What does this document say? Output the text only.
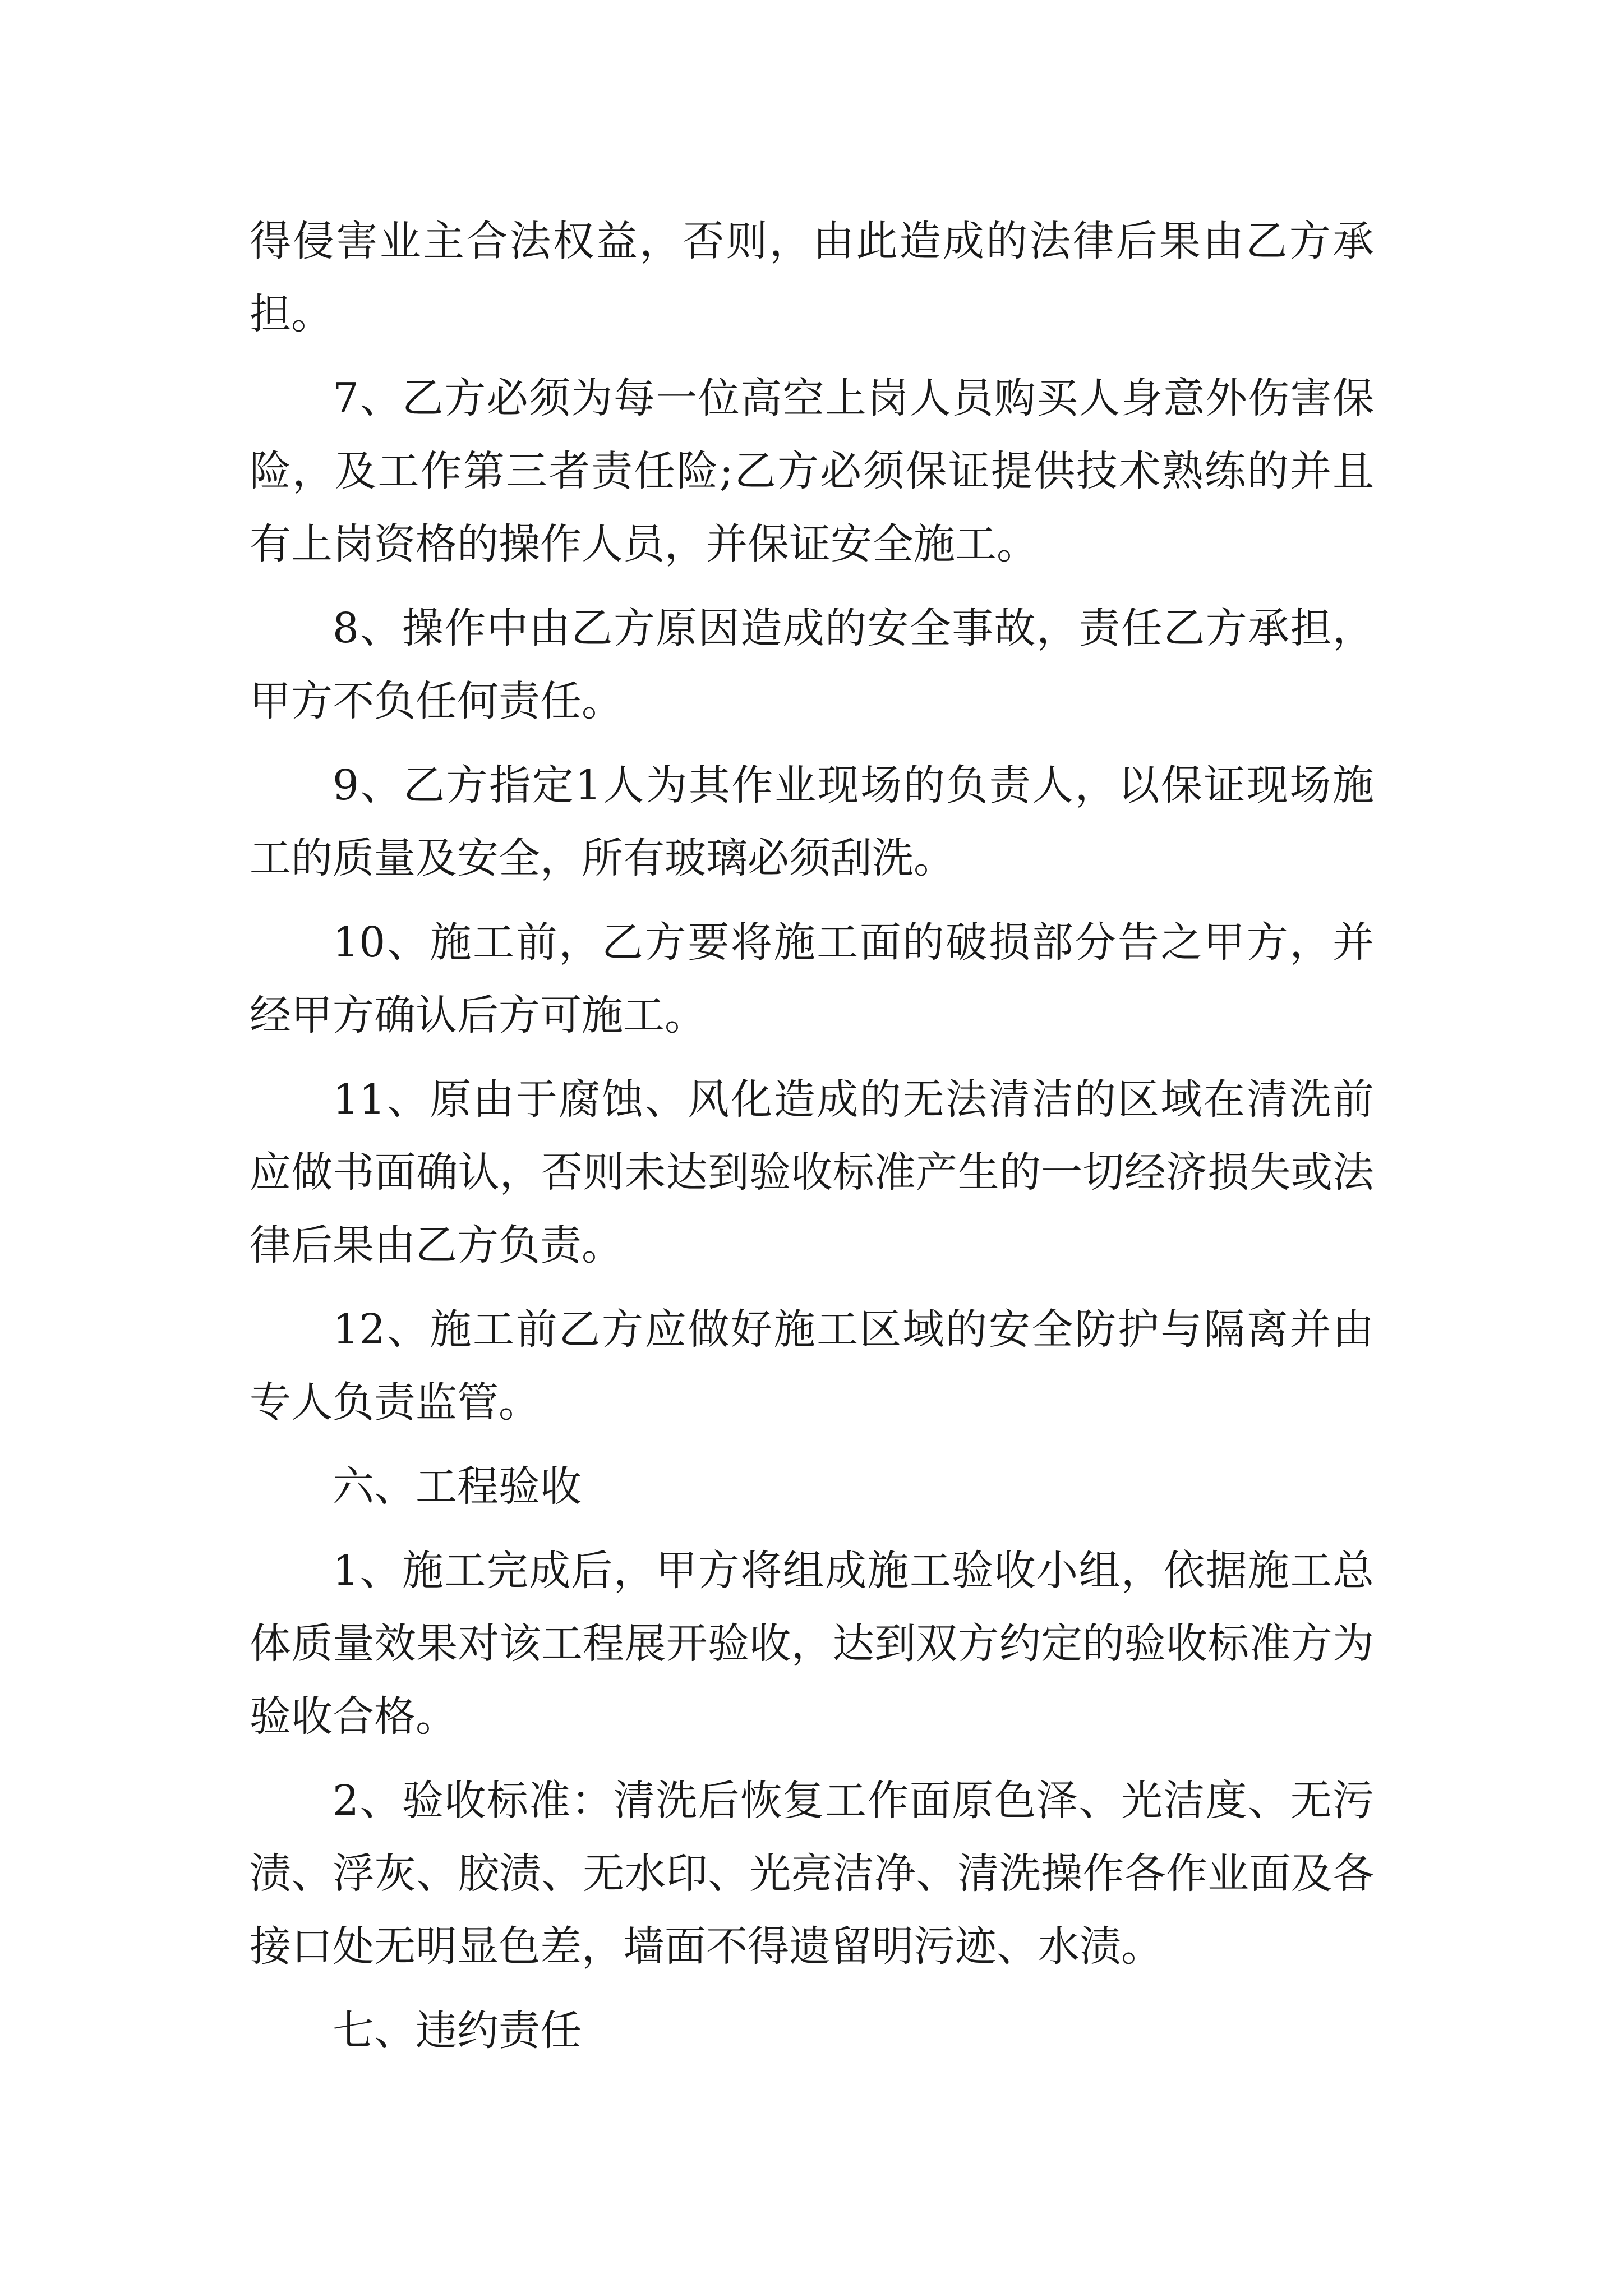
得侵害业主合法权益，否则，由此造成的法律后果由乙方承担。

7、乙方必须为每一位高空上岗人员购买人身意外伤害保险，及工作第三者责任险;乙方必须保证提供技术熟练的并且有上岗资格的操作人员，并保证安全施工。

8、操作中由乙方原因造成的安全事故，责任乙方承担，甲方不负任何责任。

9、乙方指定1人为其作业现场的负责人，以保证现场施工的质量及安全，所有玻璃必须刮洗。

10、施工前，乙方要将施工面的破损部分告之甲方，并经甲方确认后方可施工。

11、原由于腐蚀、风化造成的无法清洁的区域在清洗前应做书面确认，否则未达到验收标准产生的一切经济损失或法律后果由乙方负责。

12、施工前乙方应做好施工区域的安全防护与隔离并由专人负责监管。

六、工程验收

1、施工完成后，甲方将组成施工验收小组，依据施工总体质量效果对该工程展开验收，达到双方约定的验收标准方为验收合格。

2、验收标准：清洗后恢复工作面原色泽、光洁度、无污渍、浮灰、胶渍、无水印、光亮洁净、清洗操作各作业面及各接口处无明显色差，墙面不得遗留明污迹、水渍。

七、违约责任
